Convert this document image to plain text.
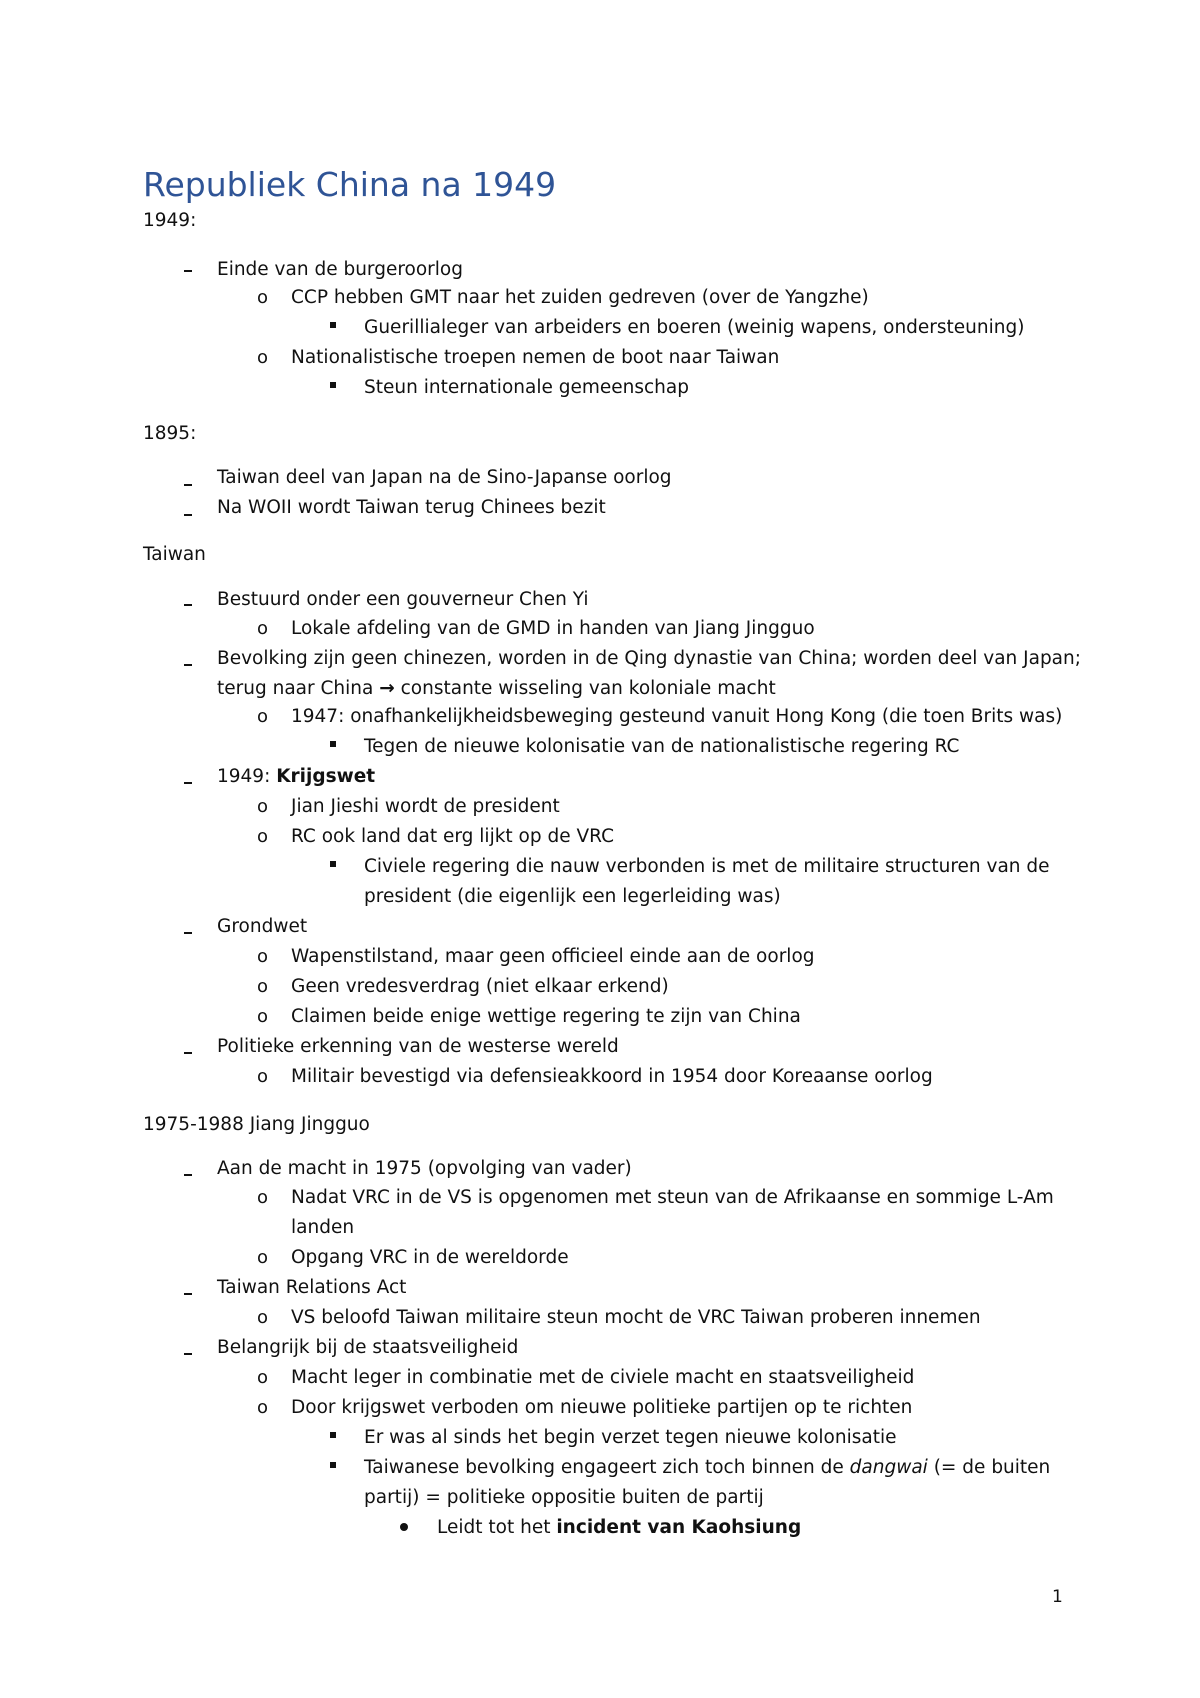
Republiek China na 1949
1949:
Einde van de burgeroorlog
o CCP hebben GMT naar het zuiden gedreven (over de Yangzhe)
Guerillialeger van arbeiders en boeren (weinig wapens, ondersteuning)
o Nationalistische troepen nemen de boot naar Taiwan
Steun internationale gemeenschap
1895:
Taiwan deel van Japan na de Sino-Japanse oorlog
Na WOII wordt Taiwan terug Chinees bezit
Taiwan
Bestuurd onder een gouverneur Chen Yi
o Lokale afdeling van de GMD in handen van Jiang Jingguo
Bevolking zijn geen chinezen, worden in de Qing dynastie van China; worden deel van Japan;
terug naar China → constante wisseling van koloniale macht
o 1947: onafhankelijkheidsbeweging gesteund vanuit Hong Kong (die toen Brits was)
Tegen de nieuwe kolonisatie van de nationalistische regering RC
1949: Krijgswet
o Jian Jieshi wordt de president
o RC ook land dat erg lijkt op de VRC
Civiele regering die nauw verbonden is met de militaire structuren van de
president (die eigenlijk een legerleiding was)
Grondwet
o Wapenstilstand, maar geen officieel einde aan de oorlog
o Geen vredesverdrag (niet elkaar erkend)
o Claimen beide enige wettige regering te zijn van China
Politieke erkenning van de westerse wereld
o Militair bevestigd via defensieakkoord in 1954 door Koreaanse oorlog
1975-1988 Jiang Jingguo
Aan de macht in 1975 (opvolging van vader)
o Nadat VRC in de VS is opgenomen met steun van de Afrikaanse en sommige L-Am
landen
o Opgang VRC in de wereldorde
Taiwan Relations Act
o VS beloofd Taiwan militaire steun mocht de VRC Taiwan proberen innemen
Belangrijk bij de staatsveiligheid
o Macht leger in combinatie met de civiele macht en staatsveiligheid
o Door krijgswet verboden om nieuwe politieke partijen op te richten
Er was al sinds het begin verzet tegen nieuwe kolonisatie
Taiwanese bevolking engageert zich toch binnen de dangwai (= de buiten
partij) = politieke oppositie buiten de partij
Leidt tot het incident van Kaohsiung
1
